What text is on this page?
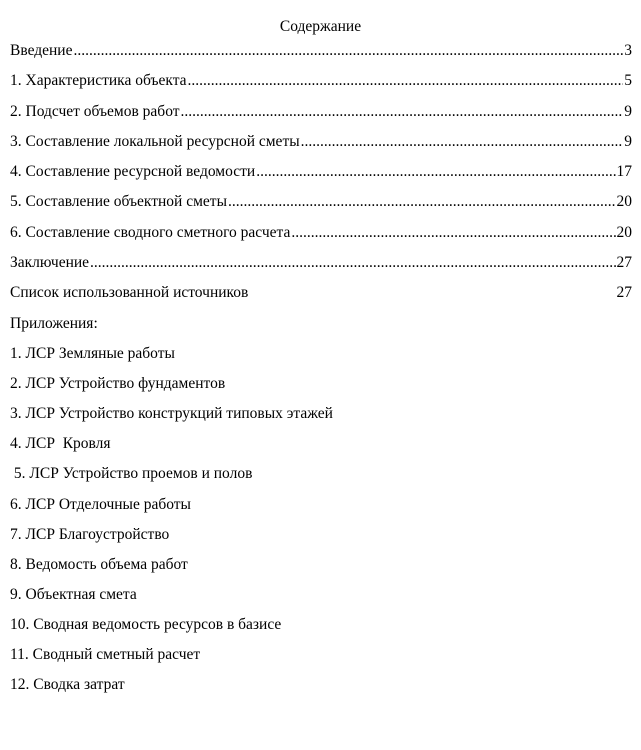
Содержание
Введение .....	3
1. Характеристика объекта .....	5
2. Подсчет объемов работ .....	9
3. Составление локальной ресурсной сметы .....	9
4. Составление ресурсной ведомости .....	17
5. Составление объектной сметы .....	20
6. Составление сводного сметного расчета .....	20
Заключение .....	27
Список использованной источников	27
Приложения:
1. ЛСР Земляные работы
2. ЛСР Устройство фундаментов
3. ЛСР Устройство конструкций типовых этажей
4. ЛСР  Кровля
5. ЛСР Устройство проемов и полов
6. ЛСР Отделочные работы
7. ЛСР Благоустройство
8. Ведомость объема работ
9. Объектная смета
10. Сводная ведомость ресурсов в базисе
11. Сводный сметный расчет
12. Сводка затрат
